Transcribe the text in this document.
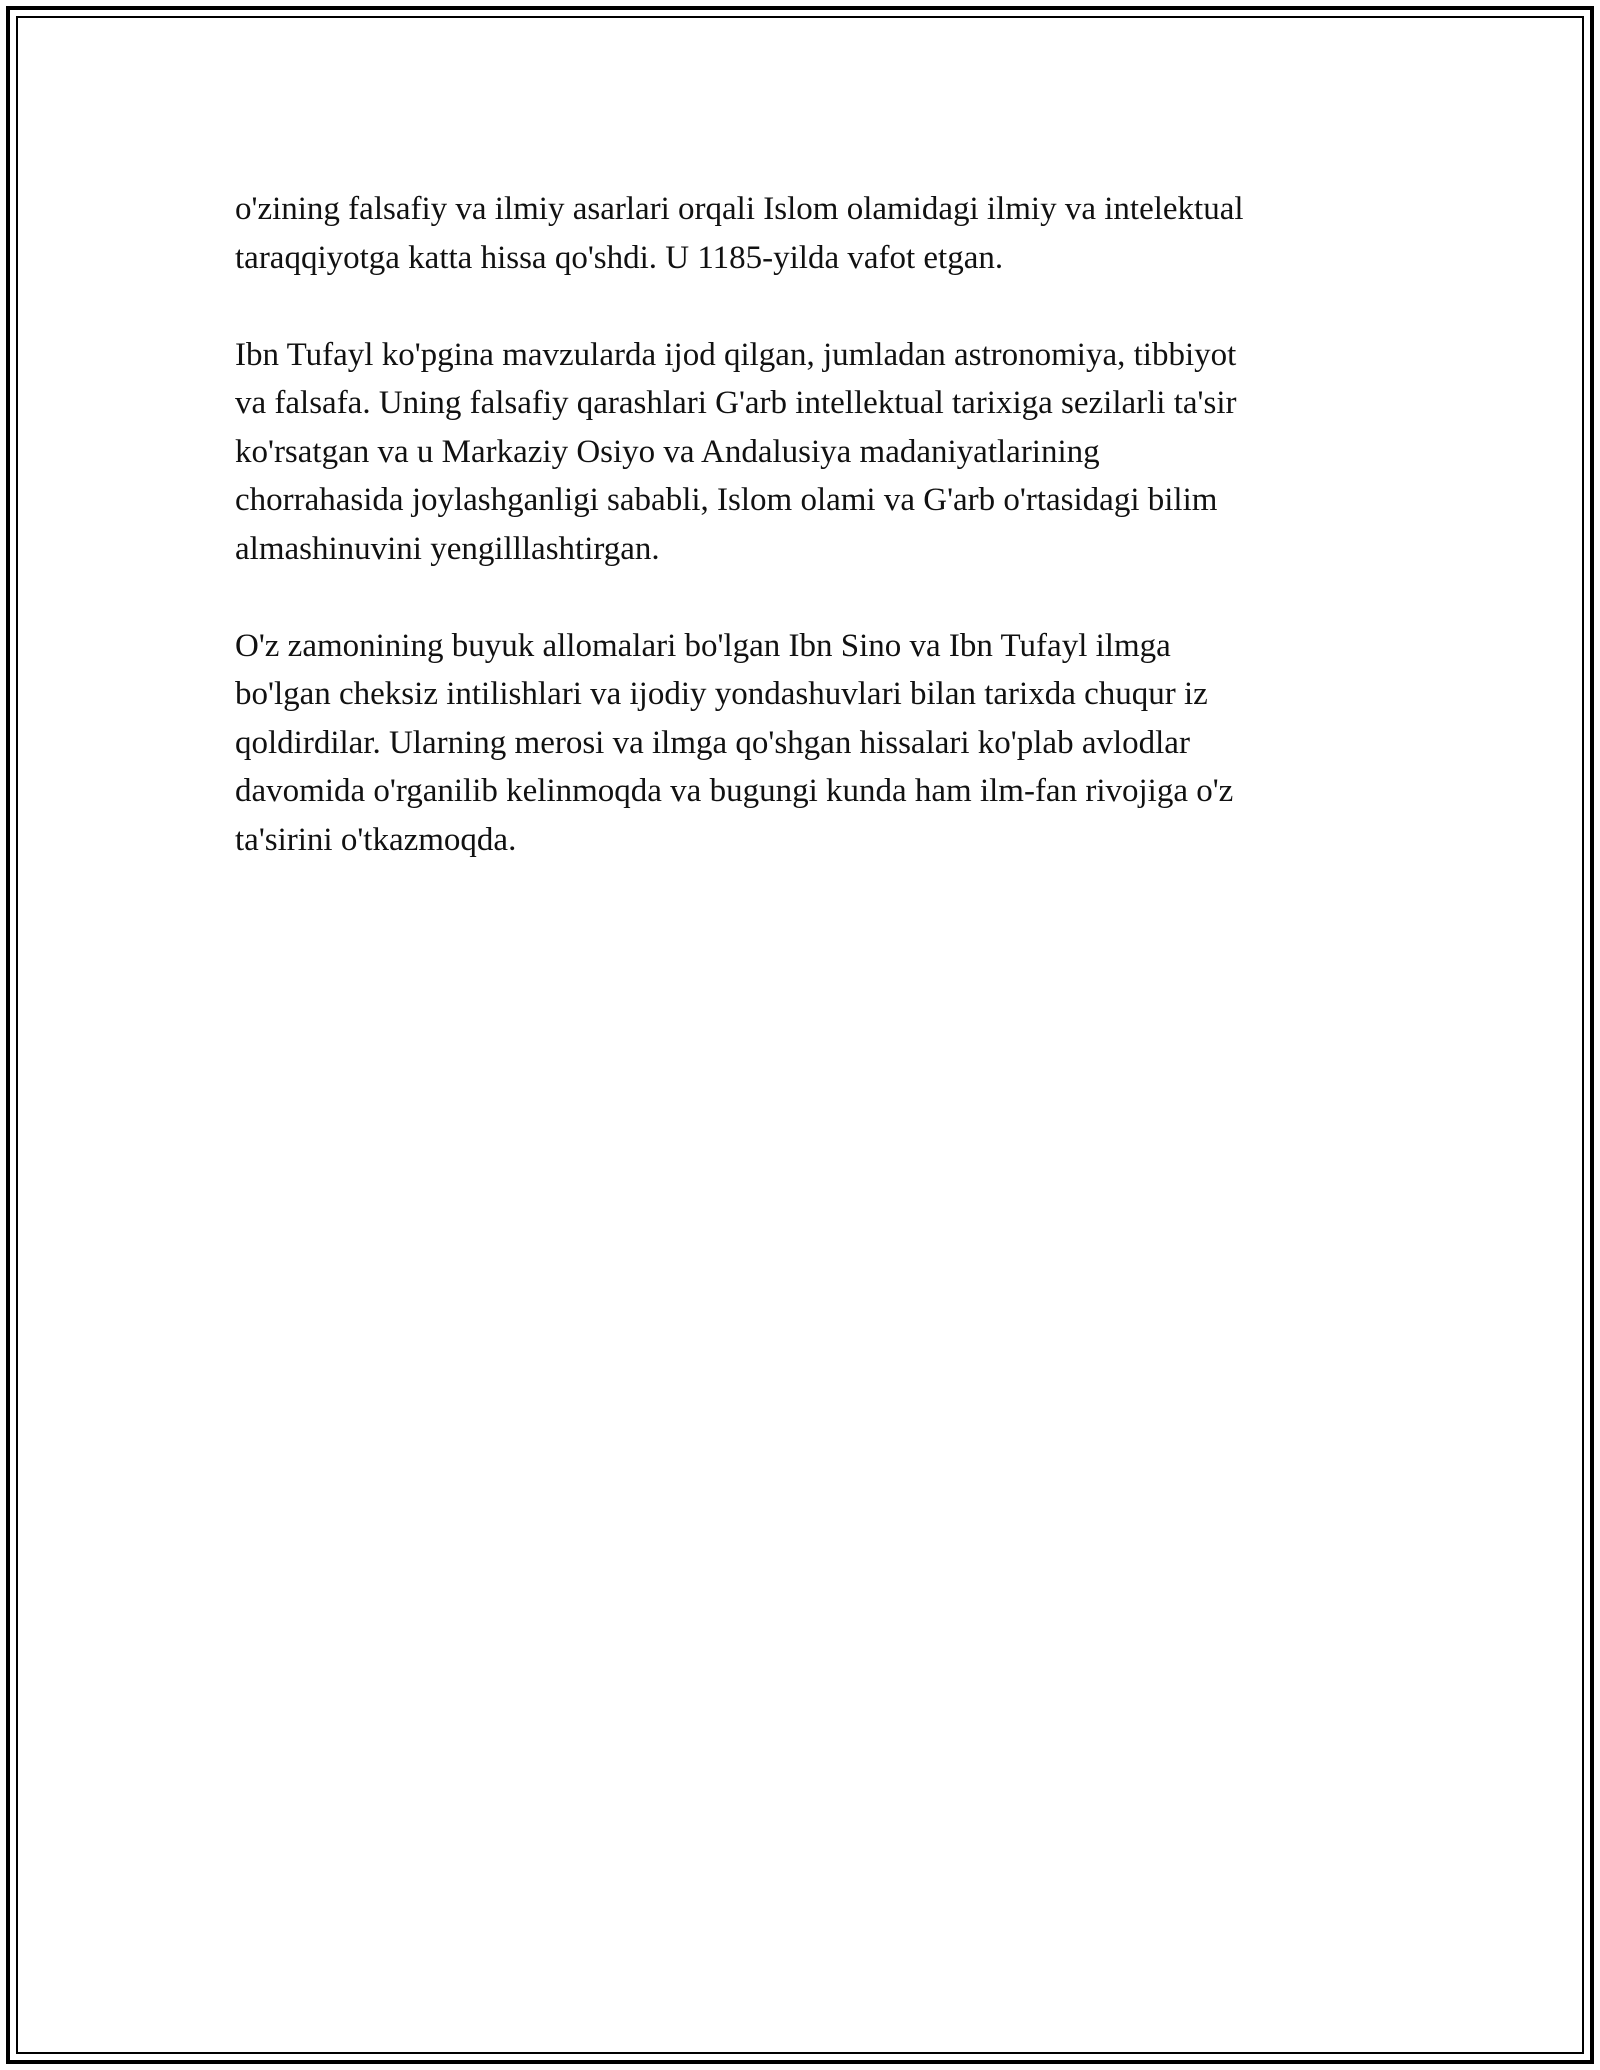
o'zining falsafiy va ilmiy asarlari orqali Islom olamidagi ilmiy va intelektual
taraqqiyotga katta hissa qo'shdi. U 1185-yilda vafot etgan.

Ibn Tufayl ko'pgina mavzularda ijod qilgan, jumladan astronomiya, tibbiyot
va falsafa. Uning falsafiy qarashlari G'arb intellektual tarixiga sezilarli ta'sir
ko'rsatgan va u Markaziy Osiyo va Andalusiya madaniyatlarining
chorrahasida joylashganligi sababli, Islom olami va G'arb o'rtasidagi bilim
almashinuvini yengilllashtirgan.

O'z zamonining buyuk allomalari bo'lgan Ibn Sino va Ibn Tufayl ilmga
bo'lgan cheksiz intilishlari va ijodiy yondashuvlari bilan tarixda chuqur iz
qoldirdilar. Ularning merosi va ilmga qo'shgan hissalari ko'plab avlodlar
davomida o'rganilib kelinmoqda va bugungi kunda ham ilm-fan rivojiga o'z
ta'sirini o'tkazmoqda.
